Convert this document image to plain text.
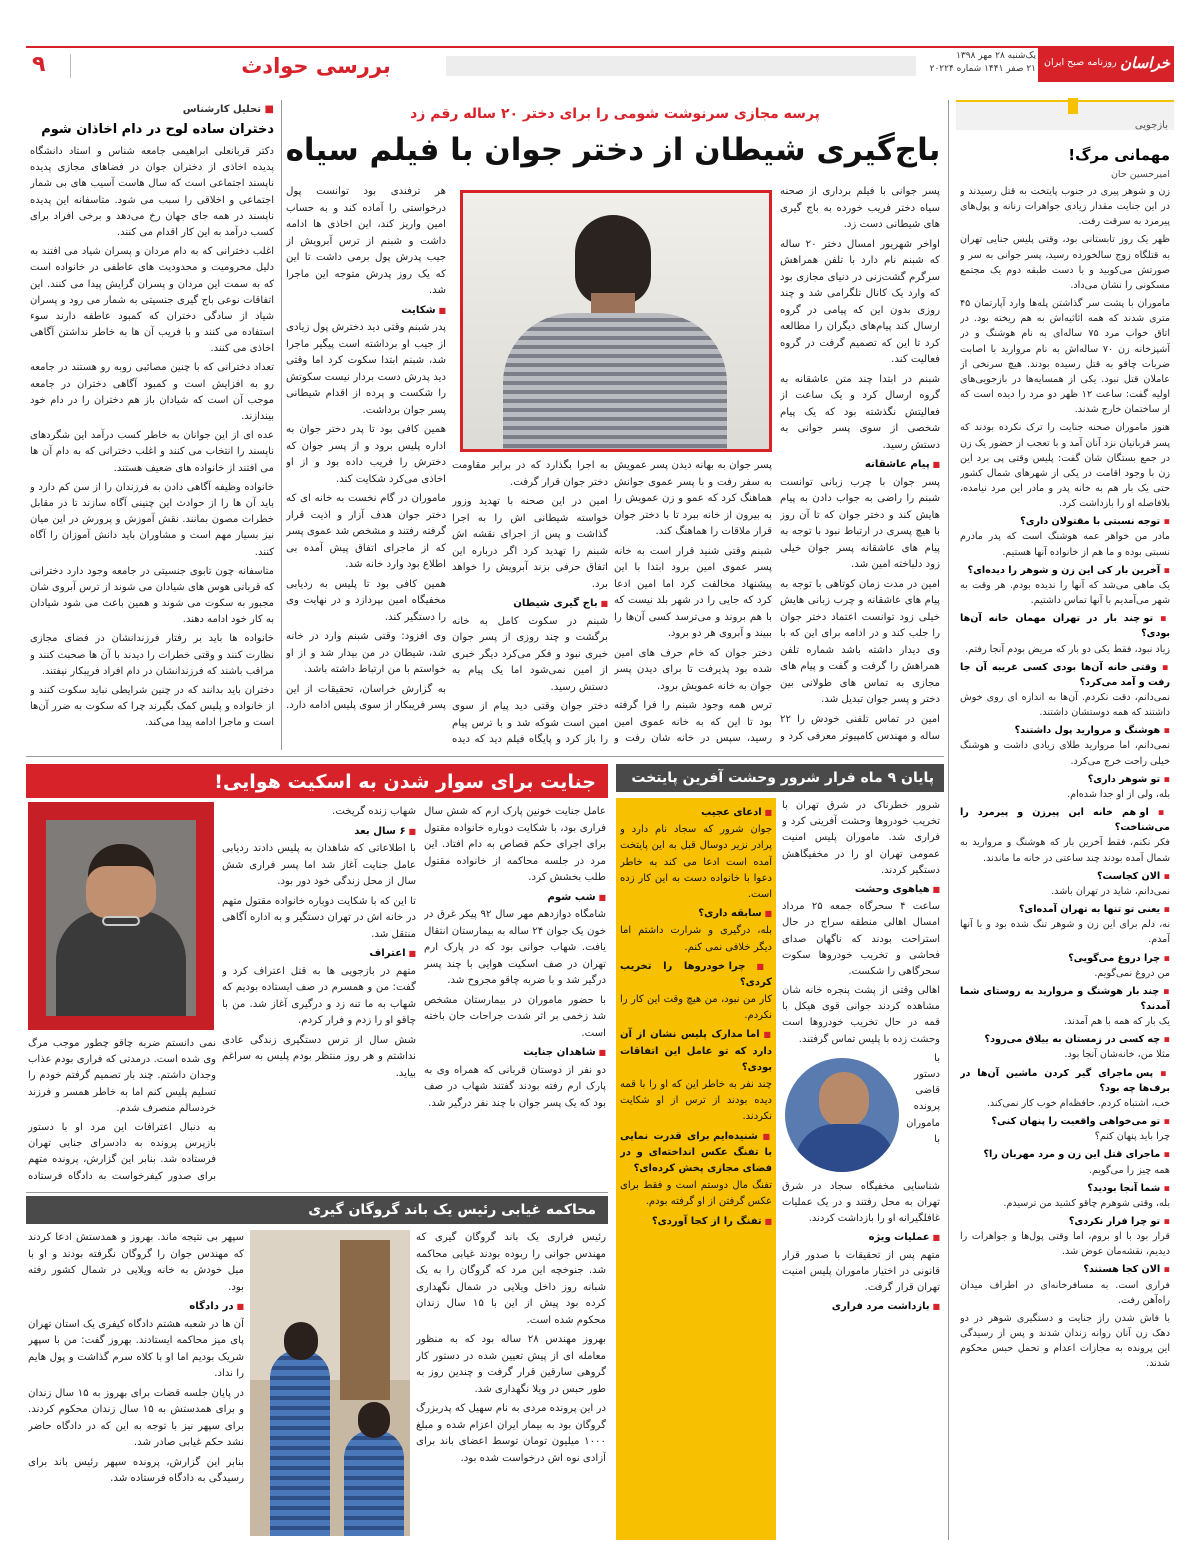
۹	بررسی حوادث	یک‌شنبه ۲۸ مهر ۱۳۹۸
۲۱ صفر ۱۴۴۱ شماره ۲۰۲۲۴	خراسان
روزنامه صبح ایران
بازجویی
مهمانی مرگ!
امیرحسین حان

زن و شوهر پیری در جنوب پایتخت به قتل رسیدند و در این جنایت مقدار زیادی جواهرات زنانه و پول‌های پیرمرد به سرقت رفت.

ظهر یک روز تابستانی بود، وقتی پلیس جنایی تهران به قتلگاه زوج سالخورده رسید، پسر جوانی به سر و صورتش می‌کوبید و با دست طبقه دوم یک مجتمع مسکونی را نشان می‌داد.

ماموران با پشت سر گذاشتن پله‌ها وارد آپارتمان ۴۵ متری شدند که همه اثاثیه‌اش به هم ریخته بود. در اتاق خواب مرد ۷۵ ساله‌ای به نام هوشنگ و در آشپزخانه زن ۷۰ ساله‌اش به نام مروارید با اصابت ضربات چاقو به قتل رسیده بودند. هیچ سرنخی از عاملان قتل نبود. یکی از همسایه‌ها در بازجویی‌های اولیه گفت: ساعت ۱۲ ظهر دو مرد را دیده است که از ساختمان خارج شدند.

هنوز ماموران صحنه جنایت را ترک نکرده بودند که پسر قربانیان نزد آنان آمد و با تعجب از حضور یک زن در جمع بستگان شان گفت: پلیس وقتی پی برد این زن با وجود اقامت در یکی از شهرهای شمال کشور حتی یک بار هم به خانه پدر و مادر این مرد نیامده، بلافاصله او را بازداشت کرد.

▪ توجه نسبتی با مقتولان داری؟

مادر من خواهر عمه هوشنگ است که پدر مادرم نسبتی بوده و ما هم از خانواده آنها هستیم.

▪ آخرین بار کی این زن و شوهر را دیده‌ای؟

یک ماهی می‌شد که آنها را ندیده بودم. هر وقت به شهر می‌آمدیم با آنها تماس داشتیم.

▪ تو چند بار در تهران مهمان خانه آن‌ها بودی؟

زیاد نبود، فقط یکی دو بار که مریض بودم آنجا رفتم.

▪ وقتی خانه آن‌ها بودی کسی غریبه آن جا رفت و آمد می‌کرد؟

نمی‌دانم، دقت نکردم. آن‌ها به اندازه ای روی خوش داشتند که همه دوستشان داشتند.

▪ هوشنگ و مروارید پول داشتند؟

نمی‌دانم، اما مروارید طلای زیادی داشت و هوشنگ خیلی راحت خرج می‌کرد.

▪ تو شوهر داری؟

بله، ولی از او جدا شده‌ام.

▪ او هم خانه این پیرزن و پیرمرد را می‌شناخت؟

فکر نکنم، فقط آخرین بار که هوشنگ و مروارید به شمال آمده بودند چند ساعتی در خانه ما ماندند.

▪ الان کجاست؟

نمی‌دانم، شاید در تهران باشد.

▪ یعنی تو تنها به تهران آمده‌ای؟

نه، دلم برای این زن و شوهر تنگ شده بود و با آنها آمدم.

▪ چرا دروغ می‌گویی؟

من دروغ نمی‌گویم.

▪ چند بار هوشنگ و مروارید به روستای شما آمدند؟

یک بار که همه با هم آمدند.

▪ چه کسی در زمستان به ییلاق می‌رود؟

مثلا من، خانه‌شان آنجا بود.

▪ پس ماجرای گیر کردن ماشین آن‌ها در برف‌ها چه بود؟

خب، اشتباه کردم. حافظه‌ام خوب کار نمی‌کند.

▪ تو می‌خواهی واقعیت را پنهان کنی؟

چرا باید پنهان کنم؟

▪ ماجرای قتل این زن و مرد مهربان را؟

همه چیز را می‌گویم.

▪ شما آنجا بودید؟

بله، وقتی شوهرم چاقو کشید من ترسیدم.

▪ تو چرا فرار نکردی؟

قرار بود با او بروم، اما وقتی پول‌ها و جواهرات را دیدیم، نقشه‌مان عوض شد.

▪ الان کجا هستند؟

فراری است. به مسافرخانه‌ای در اطراف میدان راه‌آهن رفت.

با فاش شدن راز جنایت و دستگیری شوهر در دو دهک زن آنان روانه زندان شدند و پس از رسیدگی این پرونده به مجازات اعدام و تحمل حبس محکوم شدند.

پرسه مجازی سرنوشت شومی را برای دختر ۲۰ ساله رقم زد
باج‌گیری شیطان از دختر جوان با فیلم سیاه

پسر جوانی با فیلم برداری از صحنه سیاه دختر فریب خورده به باج گیری های شیطانی دست زد.

اواخر شهریور امسال دختر ۲۰ ساله که شبنم نام دارد با تلفن همراهش سرگرم گشت‌زنی در دنیای مجازی بود که وارد یک کانال تلگرامی شد و چند روزی بدون این که پیامی در گروه ارسال کند پیام‌های دیگران را مطالعه کرد تا این که تصمیم گرفت در گروه فعالیت کند.

شبنم در ابتدا چند متن عاشقانه به گروه ارسال کرد و یک ساعت از فعالیتش نگذشته بود که یک پیام شخصی از سوی پسر جوانی به دستش رسید.

■ پیام عاشقانه

پسر جوان با چرب زبانی توانست شبنم را راضی به جواب دادن به پیام هایش کند و دختر جوان که تا آن روز با هیچ پسری در ارتباط نبود با توجه به پیام های عاشقانه پسر جوان خیلی زود دلباخته امین شد.

امین در مدت زمان کوتاهی با توجه به پیام های عاشقانه و چرب زبانی هایش خیلی زود توانست اعتماد دختر جوان را جلب کند و در ادامه برای این که با وی دیدار داشته باشد شماره تلفن همراهش را گرفت و گفت و پیام های مجازی به تماس های طولانی بین دختر و پسر جوان تبدیل شد.

امین در تماس تلفنی خودش را ۲۲ ساله و مهندس کامپیوتر معرفی کرد و

پسر جوان به بهانه دیدن پسر عمویش به سفر رفت و با پسر عموی جوانش هماهنگ کرد که عمو و زن عمویش را به بیرون از خانه ببرد تا با دختر جوان قرار ملاقات را هماهنگ کند.

شبنم وقتی شنید قرار است به خانه پسر عموی امین برود ابتدا با این پیشنهاد مخالفت کرد اما امین ادعا کرد که جایی را در شهر بلد نیست که با هم بروند و می‌ترسد کسی آن‌ها را ببیند و آبروی هر دو برود.

دختر جوان که خام حرف های امین شده بود پذیرفت تا برای دیدن پسر جوان به خانه عمویش برود.

ترس همه وجود شبنم را فرا گرفته بود تا این که به خانه عموی امین رسید، سپس در خانه شان رفت و

به اجرا بگذارد که در برابر مقاومت دختر جوان قرار گرفت.

امین در این صحنه با تهدید وزور خواسته شیطانی اش را به اجرا گذاشت و پس از اجرای نقشه اش شبنم را تهدید کرد اگر درباره این اتفاق حرفی بزند آبرویش را خواهد برد.

■ باج گیری شیطان

شبنم در سکوت کامل به خانه برگشت و چند روزی از پسر جوان خبری نبود و فکر می‌کرد دیگر خبری از امین نمی‌شود اما یک پیام به دستش رسید.

دختر جوان وقتی دید پیام از سوی امین است شوکه شد و با ترس پیام را باز کرد و پایگاه فیلم دید که دیده

هر ترفندی بود توانست پول درخواستی را آماده کند و به حساب امین واریز کند، این اخاذی ها ادامه داشت و شبنم از ترس آبرویش از جیب پدرش پول برمی داشت تا این که یک روز پدرش متوجه این ماجرا شد.

■ شکایت

پدر شبنم وقتی دید دخترش پول زیادی از جیب او برداشته است پیگیر ماجرا شد، شبنم ابتدا سکوت کرد اما وقتی دید پدرش دست بردار نیست سکوتش را شکست و پرده از اقدام شیطانی پسر جوان برداشت.

همین کافی بود تا پدر دختر جوان به اداره پلیس برود و از پسر جوان که دخترش را فریب داده بود و از او اخاذی می‌کرد شکایت کند.

ماموران در گام نخست به خانه ای که دختر جوان هدف آزار و اذیت قرار گرفته رفتند و مشخص شد عموی پسر که از ماجرای اتفاق پیش آمده بی اطلاع بود وارد خانه شد.

همین کافی بود تا پلیس به ردیابی مخفیگاه امین بپردازد و در نهایت وی را دستگیر کند.

وی افزود: وقتی شبنم وارد در خانه شد، شیطان در من بیدار شد و از او خواستم با من ارتباط داشته باشد.

به گزارش خراسان، تحقیقات از این پسر فریبکار از سوی پلیس ادامه دارد.

■ تحلیل کارشناس
دختران ساده لوح در دام اخاذان شوم

دکتر قربانعلی ابراهیمی جامعه شناس و استاد دانشگاه پدیده اخاذی از دختران جوان در فضاهای مجازی پدیده ناپسند اجتماعی است که سال هاست آسیب های بی شمار اجتماعی و اخلاقی را سبب می شود. متاسفانه این پدیده ناپسند در همه جای جهان رخ می‌دهد و برخی افراد برای کسب درآمد به این کار اقدام می کنند.

اغلب دخترانی که به دام مردان و پسران شیاد می افتند به دلیل محرومیت و محدودیت های عاطفی در خانواده است که به سمت این مردان و پسران گرایش پیدا می کنند. این اتفاقات نوعی باج گیری جنسیتی به شمار می رود و پسران شیاد از سادگی دختران که کمبود عاطفه دارند سوء استفاده می کنند و با فریب آن ها به خاطر نداشتن آگاهی اخاذی می کنند.

تعداد دخترانی که با چنین مصائبی روبه رو هستند در جامعه رو به افزایش است و کمبود آگاهی دختران در جامعه موجب آن است که شیادان باز هم دختران را در دام خود بیندازند.

عده ای از این جوانان به خاطر کسب درآمد این شگردهای ناپسند را انتخاب می کنند و اغلب دخترانی که به دام آن ها می افتند از خانواده های ضعیف هستند.

خانواده وظیفه آگاهی دادن به فرزندان را از سن کم دارد و باید آن ها را از حوادث این چنینی آگاه سازند تا در مقابل خطرات مصون بمانند. نقش آموزش و پرورش در این میان نیز بسیار مهم است و مشاوران باید دانش آموزان را آگاه کنند.

متاسفانه چون تابوی جنسیتی در جامعه وجود دارد دخترانی که قربانی هوس های شیادان می شوند از ترس آبروی شان مجبور به سکوت می شوند و همین باعث می شود شیادان به کار خود ادامه دهند.

خانواده ها باید بر رفتار فرزندانشان در فضای مجازی نظارت کنند و وقتی خطرات را دیدند با آن ها صحبت کنند و مراقب باشند که فرزندانشان در دام افراد فریبکار نیفتند.

دختران باید بدانند که در چنین شرایطی نباید سکوت کنند و از خانواده و پلیس کمک بگیرند چرا که سکوت به ضرر آن‌ها است و ماجرا ادامه پیدا می‌کند.

پایان ۹ ماه فرار شرور وحشت آفرین پایتخت

شرور خطرناک در شرق تهران با تخریب خودروها وحشت آفرینی کرد و فراری شد. ماموران پلیس امنیت عمومی تهران او را در مخفیگاهش دستگیر کردند.

■ هیاهوی وحشت

ساعت ۴ سحرگاه جمعه ۲۵ مرداد امسال اهالی منطقه سراج در حال استراحت بودند که ناگهان صدای فحاشی و تخریب خودروها سکوت سحرگاهی را شکست.

اهالی وقتی از پشت پنجره خانه شان مشاهده کردند جوانی قوی هیکل با قمه در حال تخریب خودروها است وحشت زده با پلیس تماس گرفتند.

با دستور قاضی پرونده ماموران با شناسایی مخفیگاه سجاد در شرق تهران به محل رفتند و در یک عملیات غافلگیرانه او را بازداشت کردند.

■ عملیات ویژه

متهم پس از تحقیقات با صدور قرار قانونی در اختیار ماموران پلیس امنیت تهران قرار گرفت.

■ بازداشت مرد فراری
■ ادعای عجیب

جوان شرور که سجاد نام دارد و پرادر نزیر دوسال قبل به این پایتخت آمده است ادعا می کند به خاطر دعوا با خانواده دست به این کار زده است.

■ سابقه داری؟

بله، درگیری و شرارت داشتم اما دیگر خلافی نمی کنم.

■ چرا خودروها را تخریب کردی؟

کار من نبود، من هیچ وقت این کار را نکردم.

■ اما مدارک پلیس نشان از آن دارد که تو عامل این اتفاقات بودی؟

چند نفر به خاطر این که او را با قمه دیده بودند از ترس از او شکایت نکردند.

■ شنیده‌ایم برای قدرت نمایی با تفنگ عکس انداخته‌ای و در فضای مجازی پخش کرده‌ای؟

تفنگ مال دوستم است و فقط برای عکس گرفتن از او گرفته بودم.

■ تفنگ را از کجا آوردی؟
جنایت برای سوار شدن به اسکیت هوایی!

نمی دانستم ضربه چاقو چطور موجب مرگ وی شده است. درمدتی که فراری بودم عذاب وجدان داشتم. چند بار تصمیم گرفتم خودم را تسلیم پلیس کنم اما به خاطر همسر و فرزند خردسالم منصرف شدم.

به دنبال اعترافات این مرد او با دستور بازپرس پرونده به دادسرای جنایی تهران فرستاده شد. بنابر این گزارش، پرونده متهم برای صدور کیفرخواست به دادگاه فرستاده

عامل جنایت خونین پارک ارم که شش سال فراری بود، با شکایت دوباره خانواده مقتول برای اجرای حکم قصاص به دام افتاد. این مرد در جلسه محاکمه از خانواده مقتول طلب بخشش کرد.

■ شب شوم

شامگاه دوازدهم مهر سال ۹۲ پیکر غرق در خون یک جوان ۲۴ ساله به بیمارستان انتقال یافت. شهاب جوانی بود که در پارک ارم تهران در صف اسکیت هوایی با چند پسر درگیر شد و با ضربه چاقو مجروح شد.

با حضور ماموران در بیمارستان مشخص شد زخمی بر اثر شدت جراحات جان باخته است.

■ شاهدان جنایت

دو نفر از دوستان قربانی که همراه وی به پارک ارم رفته بودند گفتند شهاب در صف بود که یک پسر جوان با چند نفر درگیر شد.

شهاب زنده گریخت.

■ ۶ سال بعد

با اطلاعاتی که شاهدان به پلیس دادند ردیابی عامل جنایت آغاز شد اما پسر فراری شش سال از محل زندگی خود دور بود.

تا این که با شکایت دوباره خانواده مقتول متهم در خانه اش در تهران دستگیر و به اداره آگاهی منتقل شد.

■ اعتراف

متهم در بازجویی ها به قتل اعتراف کرد و گفت: من و همسرم در صف ایستاده بودیم که شهاب به ما تنه زد و درگیری آغاز شد. من با چاقو او را زدم و فرار کردم.

شش سال از ترس دستگیری زندگی عادی نداشتم و هر روز منتظر بودم پلیس به سراغم بیاید.

محاکمه غیابی رئیس یک باند گروگان گیری

رئیس فراری یک باند گروگان گیری که مهندس جوانی را ربوده بودند غیابی محاکمه شد. جنوخچه این مرد که گروگان را به یک شبانه روز داخل ویلایی در شمال نگهداری کرده بود پیش از این با ۱۵ سال زندان محکوم شده است.

بهروز مهندس ۲۸ ساله بود که به منظور معامله ای از پیش تعیین شده در دستور کار گروهی سارقین قرار گرفت و چندین روز به طور حبس در ویلا نگهداری شد.

در این پرونده مردی به نام سهیل که پدربزرگ گروگان بود به بیمار ایران اعزام شده و مبلغ ۱۰۰۰ میلیون تومان توسط اعضای باند برای آزادی نوه اش درخواست شده بود.

سپهر بی نتیجه ماند. بهروز و همدستش ادعا کردند که مهندس جوان را گروگان نگرفته بودند و او با میل خودش به خانه ویلایی در شمال کشور رفته بود.

■ در دادگاه

آن ها در شعبه هشتم دادگاه کیفری یک استان تهران پای میز محاکمه ایستادند. بهروز گفت: من با سپهر شریک بودیم اما او با کلاه سرم گذاشت و پول هایم را نداد.

در پایان جلسه قضات برای بهروز به ۱۵ سال زندان و برای همدستش به ۱۵ سال زندان محکوم کردند. برای سپهر نیز با توجه به این که در دادگاه حاضر نشد حکم غیابی صادر شد.

بنابر این گزارش، پرونده سپهر رئیس باند برای رسیدگی به دادگاه فرستاده شد.
